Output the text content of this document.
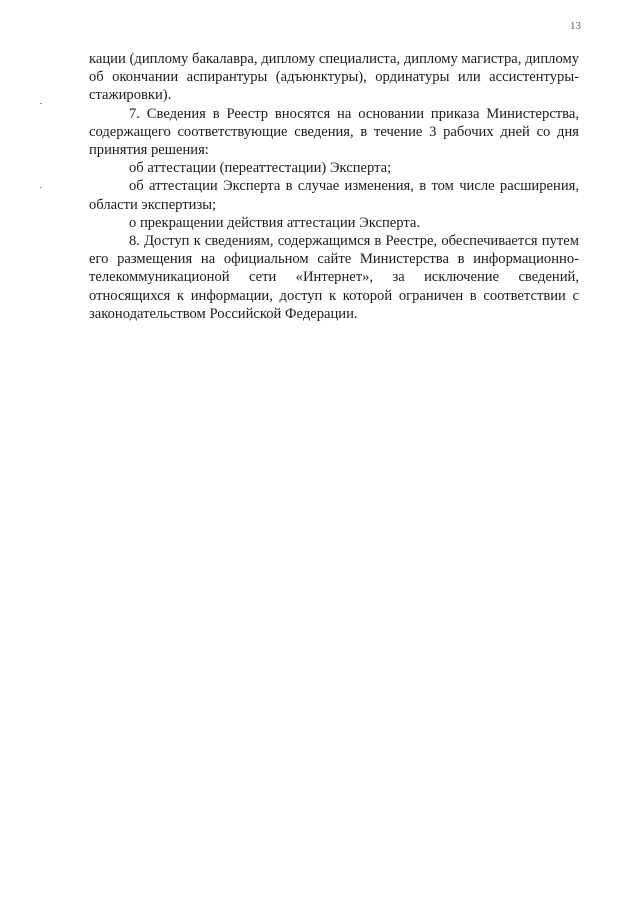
13

кации (диплому бакалавра, диплому специалиста, диплому магистра, диплому об окончании аспирантуры (адъюнктуры), ординатуры или ассистентуры-стажировки).

7. Сведения в Реестр вносятся на основании приказа Министерства, содержащего соответствующие сведения, в течение 3 рабочих дней со дня принятия решения:

об аттестации (переаттестации) Эксперта;

об аттестации Эксперта в случае изменения, в том числе расширения, области экспертизы;

о прекращении действия аттестации Эксперта.

8. Доступ к сведениям, содержащимся в Реестре, обеспечивается путем его размещения на официальном сайте Министерства в информационно-телекоммуникационой сети «Интернет», за исключение сведений, относящихся к информации, доступ к которой ограничен в соответствии с законодательством Российской Федерации.
